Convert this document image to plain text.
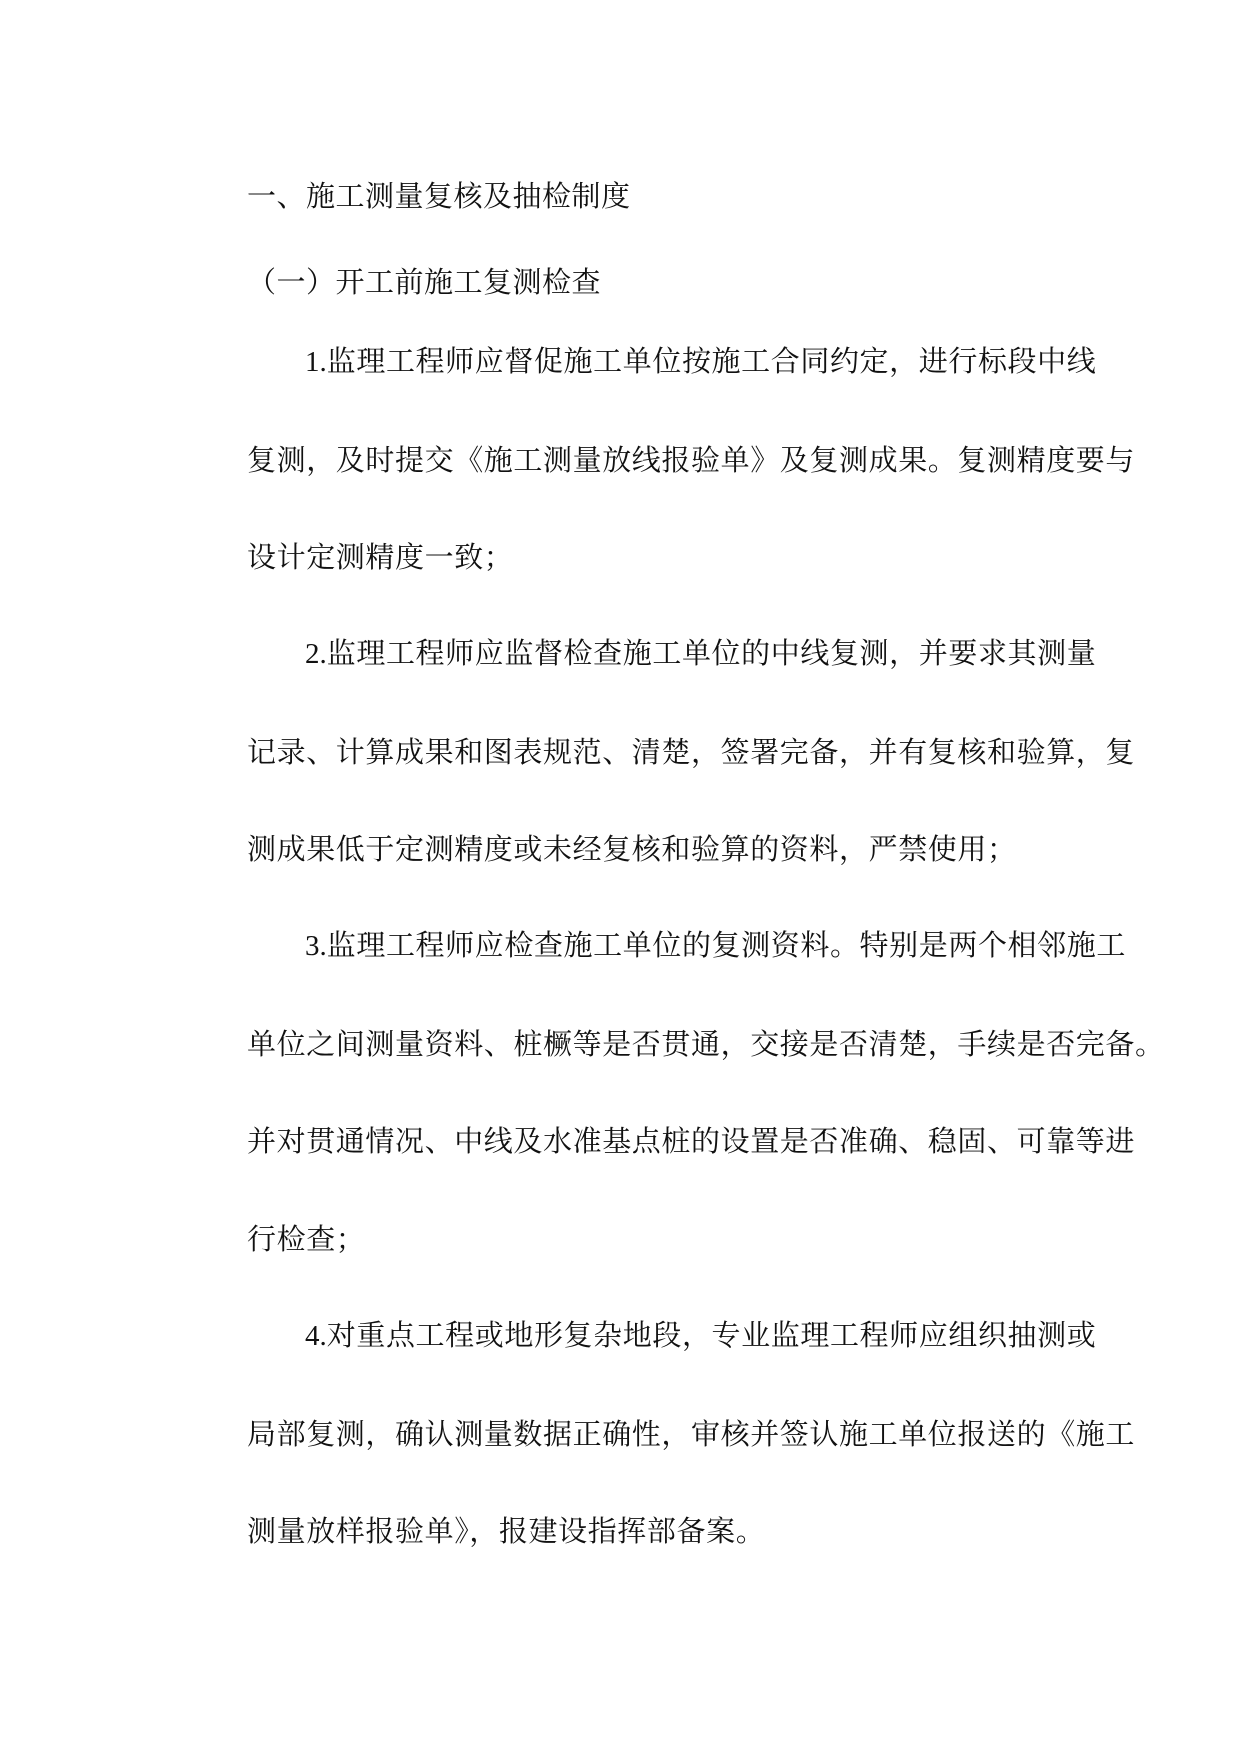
一、施工测量复核及抽检制度
（一）开工前施工复测检查
1.监理工程师应督促施工单位按施工合同约定，进行标段中线
复测，及时提交《施工测量放线报验单》及复测成果。复测精度要与
设计定测精度一致；
2.监理工程师应监督检查施工单位的中线复测，并要求其测量
记录、计算成果和图表规范、清楚，签署完备，并有复核和验算，复
测成果低于定测精度或未经复核和验算的资料，严禁使用；
3.监理工程师应检查施工单位的复测资料。特别是两个相邻施工
单位之间测量资料、桩橛等是否贯通，交接是否清楚，手续是否完备。
并对贯通情况、中线及水准基点桩的设置是否准确、稳固、可靠等进
行检查；
4.对重点工程或地形复杂地段，专业监理工程师应组织抽测或
局部复测，确认测量数据正确性，审核并签认施工单位报送的《施工
测量放样报验单》，报建设指挥部备案。
